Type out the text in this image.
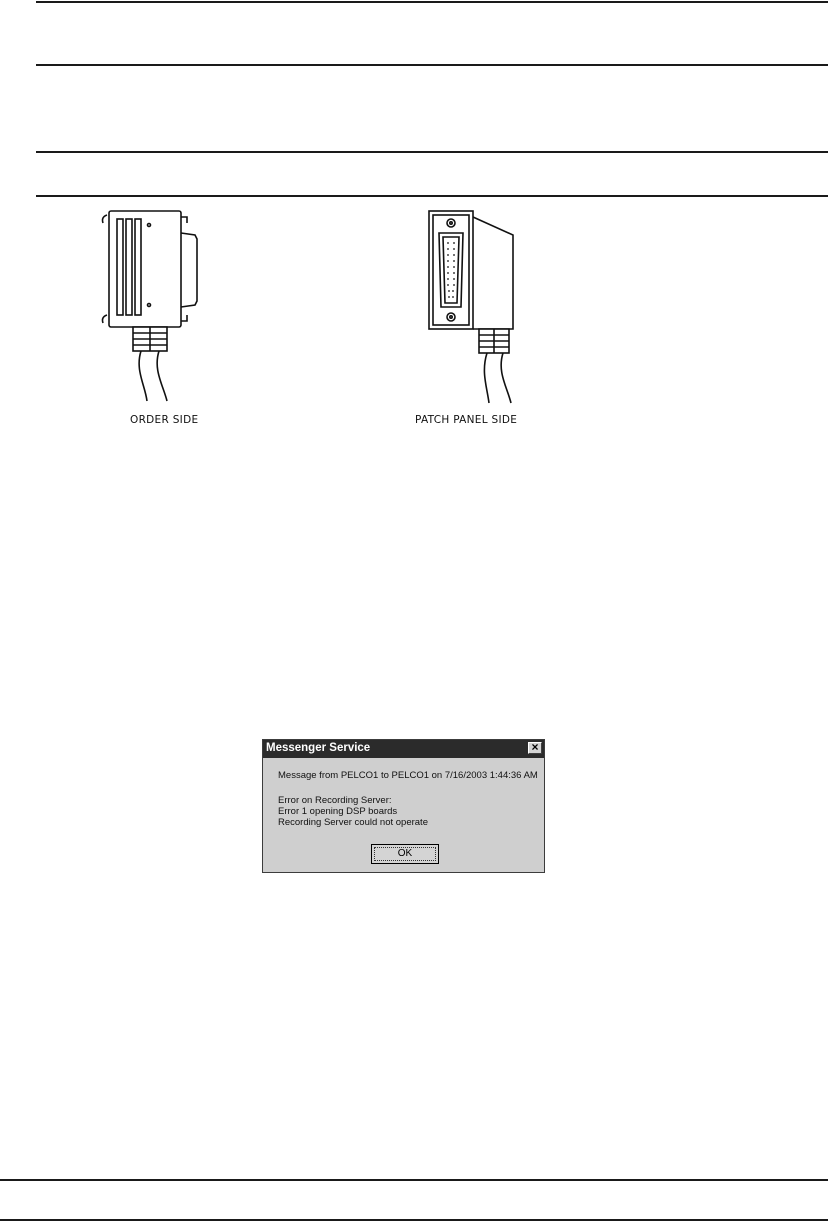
ORDER SIDE	PATCH PANEL SIDE
Messenger Service	×
Message from PELCO1 to PELCO1 on 7/16/2003 1:44:36 AM
Error on Recording Server:
Error 1 opening DSP boards
Recording Server could not operate
OK
